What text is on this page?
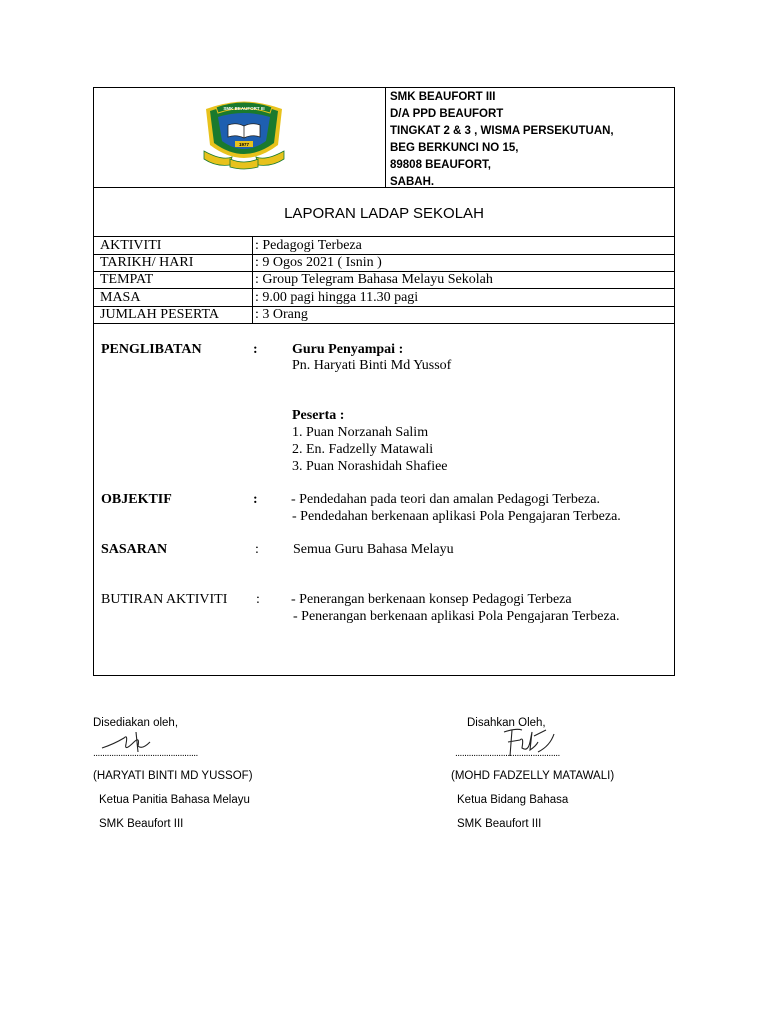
SMK BEAUFORT III
1977
SMK BEAUFORT III
D/A PPD BEAUFORT
TINGKAT 2 & 3 , WISMA PERSEKUTUAN,
BEG BERKUNCI NO 15,
89808 BEAUFORT,
SABAH.
LAPORAN LADAP SEKOLAH
AKTIVITI	: Pedagogi Terbeza
TARIKH/ HARI	: 9 Ogos 2021 ( Isnin )
TEMPAT	: Group Telegram Bahasa Melayu Sekolah
MASA	: 9.00 pagi hingga 11.30 pagi
JUMLAH PESERTA	: 3 Orang
PENGLIBATAN	: Guru Penyampai :
Pn. Haryati Binti Md Yussof
Peserta :
1. Puan Norzanah Salim
2. En. Fadzelly Matawali
3. Puan Norashidah Shafiee
OBJEKTIF	: - Pendedahan pada teori dan amalan Pedagogi Terbeza.
- Pendedahan berkenaan aplikasi Pola Pengajaran Terbeza.
SASARAN	: Semua Guru Bahasa Melayu
BUTIRAN AKTIVITI : - Penerangan berkenaan konsep Pedagogi Terbeza
- Penerangan berkenaan aplikasi Pola Pengajaran Terbeza.
Disediakan oleh,
..............................................
(HARYATI BINTI MD YUSSOF)
Ketua Panitia Bahasa Melayu
SMK Beaufort III
Disahkan Oleh,
..............................................
(MOHD FADZELLY MATAWALI)
Ketua Bidang Bahasa
SMK Beaufort III
